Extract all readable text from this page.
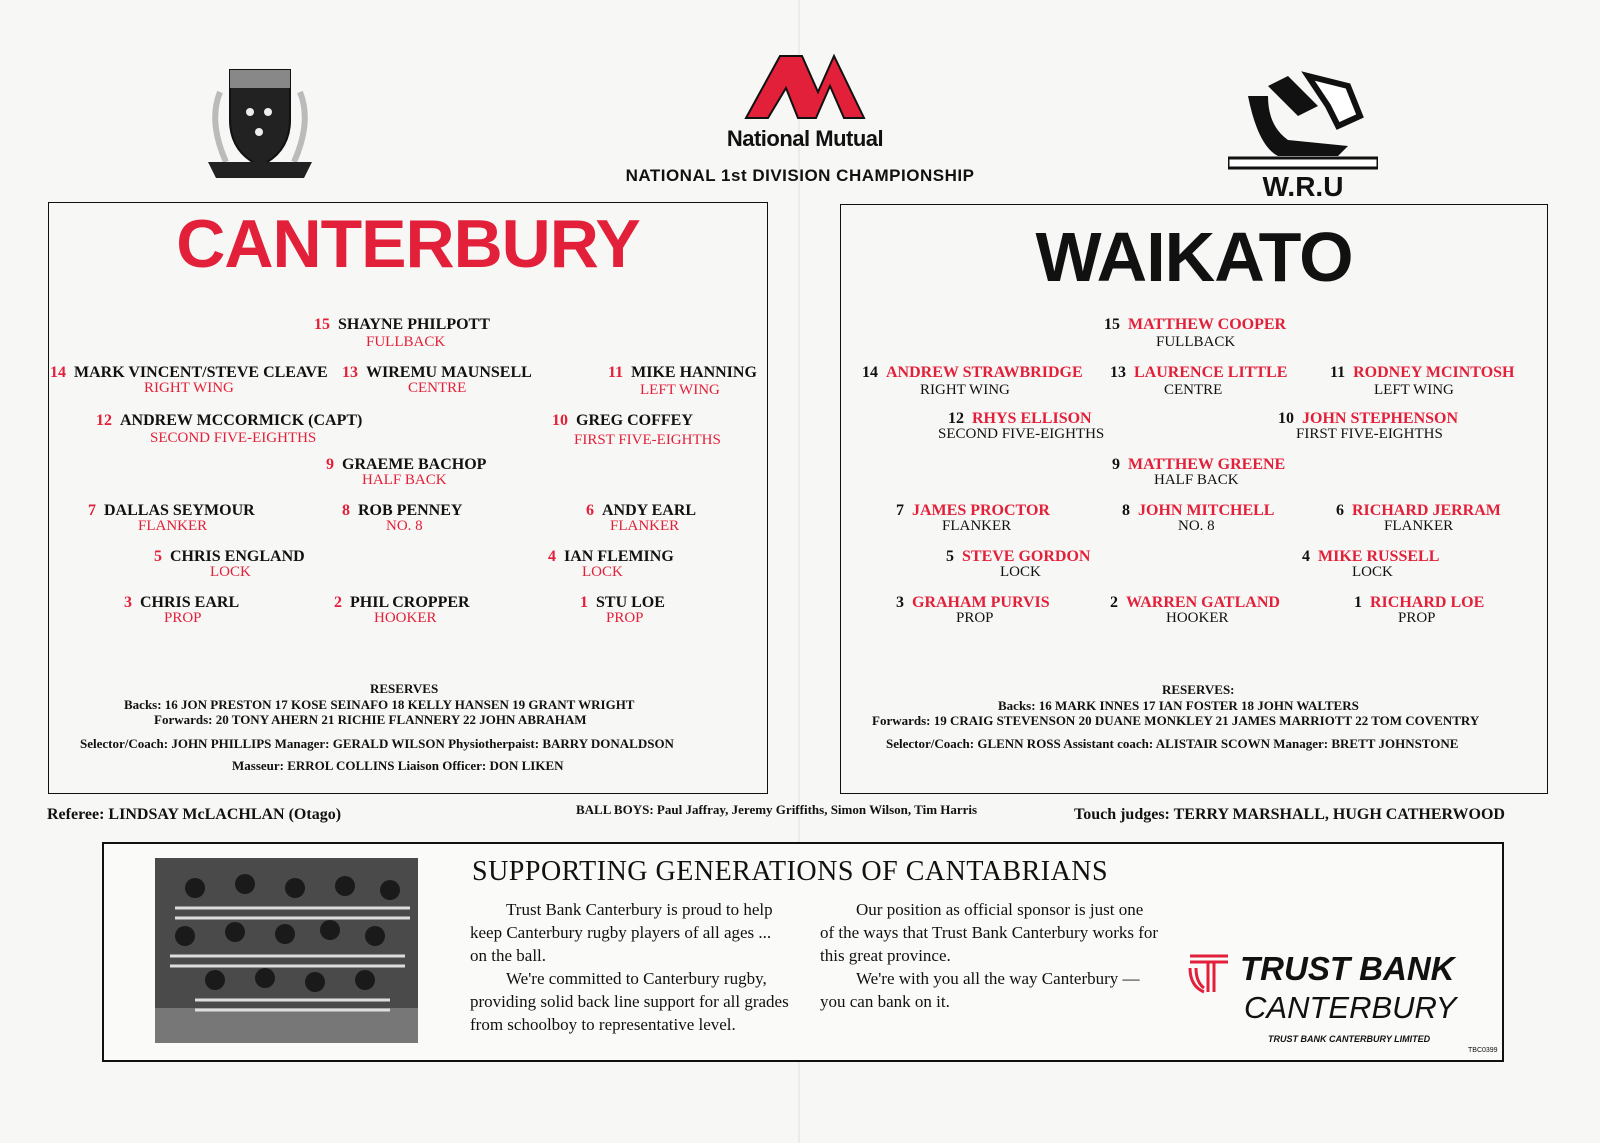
National Mutual
NATIONAL 1st DIVISION CHAMPIONSHIP	W.R.U
CANTERBURY	WAIKATO
15 SHAYNE PHILPOTT
FULLBACK
14 MARK VINCENT/STEVE CLEAVE
RIGHT WING
13 WIREMU MAUNSELL
CENTRE
11 MIKE HANNING
LEFT WING
12 ANDREW MCCORMICK (CAPT)
SECOND FIVE-EIGHTHS
10 GREG COFFEY
FIRST FIVE-EIGHTHS
9 GRAEME BACHOP
HALF BACK
7 DALLAS SEYMOUR
FLANKER
8 ROB PENNEY
NO. 8
6 ANDY EARL
FLANKER
5 CHRIS ENGLAND
LOCK
4 IAN FLEMING
LOCK
3 CHRIS EARL
PROP
2 PHIL CROPPER
HOOKER
1 STU LOE
PROP
15 MATTHEW COOPER
FULLBACK
14 ANDREW STRAWBRIDGE
RIGHT WING
13 LAURENCE LITTLE
CENTRE
11 RODNEY MCINTOSH
LEFT WING
12 RHYS ELLISON
SECOND FIVE-EIGHTHS
10 JOHN STEPHENSON
FIRST FIVE-EIGHTHS
9 MATTHEW GREENE
HALF BACK
7 JAMES PROCTOR
FLANKER
8 JOHN MITCHELL
NO. 8
6 RICHARD JERRAM
FLANKER
5 STEVE GORDON
LOCK
4 MIKE RUSSELL
LOCK
3 GRAHAM PURVIS
PROP
2 WARREN GATLAND
HOOKER
1 RICHARD LOE
PROP
RESERVES
Backs: 16 JON PRESTON 17 KOSE SEINAFO 18 KELLY HANSEN 19 GRANT WRIGHT
Forwards: 20 TONY AHERN 21 RICHIE FLANNERY 22 JOHN ABRAHAM
Selector/Coach: JOHN PHILLIPS Manager: GERALD WILSON Physiotherpaist: BARRY DONALDSON
Masseur: ERROL COLLINS Liaison Officer: DON LIKEN
RESERVES:
Backs: 16 MARK INNES 17 IAN FOSTER 18 JOHN WALTERS
Forwards: 19 CRAIG STEVENSON 20 DUANE MONKLEY 21 JAMES MARRIOTT 22 TOM COVENTRY
Selector/Coach: GLENN ROSS Assistant coach: ALISTAIR SCOWN Manager: BRETT JOHNSTONE
Referee: LINDSAY McLACHLAN (Otago)	BALL BOYS: Paul Jaffray, Jeremy Griffiths, Simon Wilson, Tim Harris	Touch judges: TERRY MARSHALL, HUGH CATHERWOOD
SUPPORTING GENERATIONS OF CANTABRIANS

Trust Bank Canterbury is proud to help keep Canterbury rugby players of all ages ... on the ball.

We're committed to Canterbury rugby, providing solid back line support for all grades from schoolboy to representative level.

Our position as official sponsor is just one of the ways that Trust Bank Canterbury works for this great province.

We're with you all the way Canterbury — you can bank on it.

TRUST BANK
CANTERBURY
TRUST BANK CANTERBURY LIMITED
TBC0399
